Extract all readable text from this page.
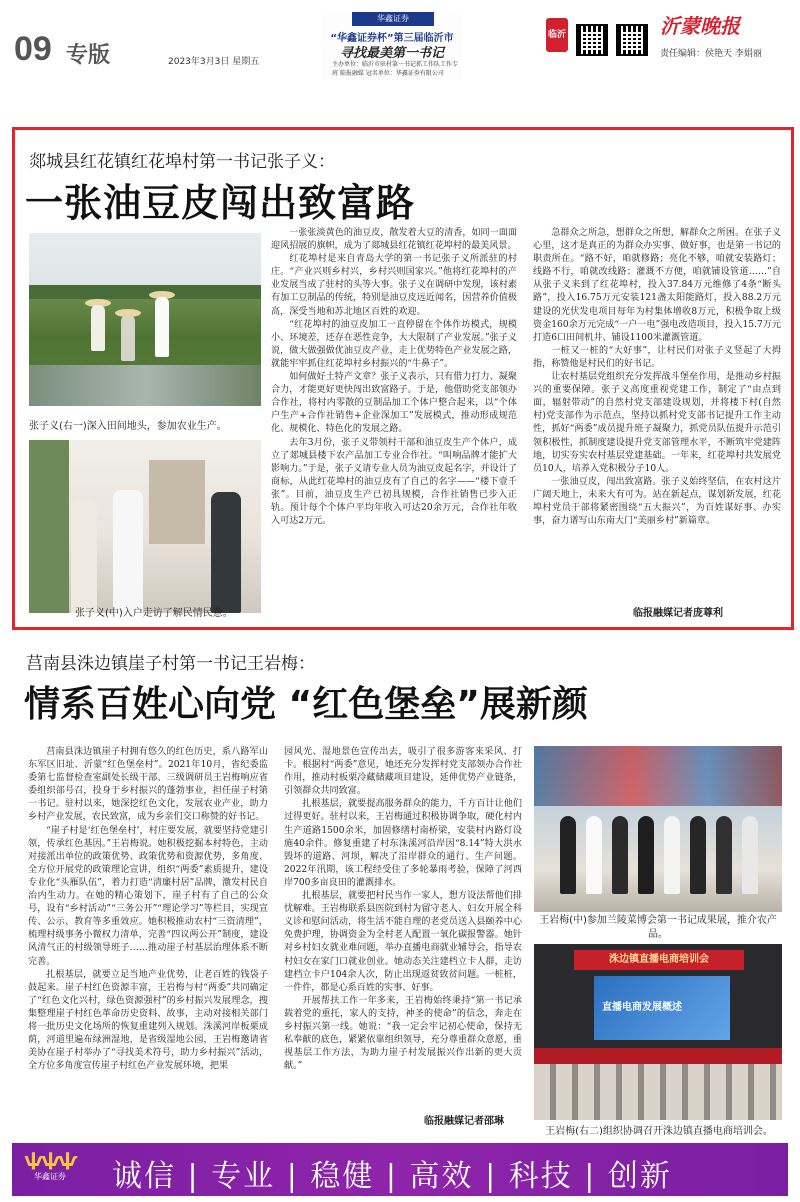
09 专版	2023年3月3日 星期五
华鑫证券
“华鑫证券杯”第三届临沂市
寻找最美第一书记
主办单位：临沂市驻村第一书记抓工作队工作专班 临报融媒 冠名单位：华鑫证券有限公司
临沂	沂蒙晚报
责任编辑：侯艳天 李娟丽
郯城县红花镇红花埠村第一书记张子义：
一张油豆皮闯出致富路
张子义(右一)深入田间地头，参加农业生产。
张子义(中)入户走访了解民情民意。

一张张淡黄色的油豆皮，散发着大豆的清香，如同一面面迎风招展的旗帜，成为了郯城县红花镇红花埠村的最美风景。

红花埠村是来自青岛大学的第一书记张子义所派驻的村庄。“产业兴则乡村兴，乡村兴则国家兴。”他将红花埠村的产业发展当成了驻村的头等大事。张子义在调研中发现，该村素有加工豆制品的传统，特别是油豆皮远近闻名，因营养价值极高，深受当地和苏北地区百姓的欢迎。

“红花埠村的油豆皮加工一直停留在个体作坊模式，规模小、环境差，还存在恶性竞争，大大限制了产业发展。”张子义说，做大做强做优油豆皮产业，走上优势特色产业发展之路，就能牢牢抓住红花埠村乡村振兴的“牛鼻子”。

如何做好土特产文章？张子义表示，只有借力打力、凝聚合力，才能更好更快闯出致富路子。于是，他借助党支部领办合作社，将村内零散的豆制品加工个体户整合起来，以“个体户生产+合作社销售+企业深加工”发展模式，推动形成规范化、规模化、特色化的发展之路。

去年3月份，张子义带领村干部和油豆皮生产个体户，成立了郯城县楼下农产品加工专业合作社。“叫响品牌才能扩大影响力。”于是，张子义请专业人员为油豆皮起名字，并设计了商标，从此红花埠村的油豆皮有了自己的名字——“楼下壹千张”。目前，油豆皮生产已初具规模，合作社销售已步入正轨。预计每个个体户平均年收入可达20余万元，合作社年收入可达2万元。

急群众之所急，想群众之所想，解群众之所困。在张子义心里，这才是真正的为群众办实事、做好事，也是第一书记的职责所在。“路不好，咱就修路；亮化不够，咱就安装路灯；线路不行，咱就改线路；灌溉不方便，咱就铺设管道……”自从张子义来到了红花埠村，投入37.84万元维修了4条“断头路”，投入16.75万元安装121盏太阳能路灯，投入88.2万元建设的光伏发电项目每年为村集体增收8万元，积极争取上级资金160余万元完成“一户一电”强电改造项目，投入15.7万元打造6口田间机井、铺设1100米灌溉管道。

一桩又一桩的“大好事”，让村民们对张子义竖起了大拇指，称赞他是村民们的好书记。

让农村基层党组织充分发挥战斗堡垒作用，是推动乡村振兴的重要保障。张子义高度重视党建工作，制定了“由点到面，辐射带动”的自然村党支部建设规划，并将楼下村(自然村)党支部作为示范点，坚持以抓村党支部书记提升工作主动性，抓好“两委”成员提升班子凝聚力，抓党员队伍提升示范引领积极性，抓制度建设提升党支部管理水平，不断筑牢党建阵地，切实夯实农村基层党建基础。一年来，红花埠村共发展党员10人，培养入党积极分子10人。

一张油豆皮，闯出致富路。张子义始终坚信，在农村这片广阔天地上，未来大有可为。站在新起点，谋划新发展，红花埠村党员干部将紧密围绕“五大振兴”，为百姓谋好事、办实事，奋力谱写山东南大门“美丽乡村”新篇章。

临报融媒记者庞尊利
莒南县洙边镇崖子村第一书记王岩梅：
情系百姓心向党 “红色堡垒”展新颜

莒南县洙边镇崖子村拥有悠久的红色历史，系八路军山东军区旧址、沂蒙“红色堡垒村”。2021年10月，省纪委监委第七监督检查室副处长级干部、三级调研员王岩梅响应省委组织部号召，投身于乡村振兴的蓬勃事业，担任崖子村第一书记。驻村以来，她深挖红色文化，发展农业产业，助力乡村产业发展，农民致富，成为乡亲们交口称赞的好书记。

“崖子村是‘红色堡垒村’，村庄要发展，就要坚持党建引领，传承红色基因。”王岩梅说。她积极挖掘本村特色，主动对接派出单位的政策优势、政策优势和资源优势，多角度、全方位开展党的政策理论宣讲，组织“两委”素质提升，建设专业化“头雁队伍”，着力打造“清廉村居”品牌，激发村民自治内生动力。在她的精心策划下，崖子村有了自己的公众号，设有“乡村活动”“三务公开”“理论学习”等栏目，实现宣传、公示、教育等多重效应。她积极推动农村“三资清理”，梳理村级事务小微权力清单，完善“四议两公开”制度，建设风清气正的村级领导班子……推动崖子村基层治理体系不断完善。

扎根基层，就要立足当地产业优势，让老百姓的钱袋子鼓起来。崖子村红色资源丰富，王岩梅与村“两委”共同确定了“红色文化兴村，绿色资源强村”的乡村振兴发展理念，搜集整理崖子村红色革命历史资料、故事，主动对接相关部门将一批历史文化场所的恢复重建列入规划。洙溪河岸板栗成荫，河道里遍布绿洲湿地，是省级湿地公园，王岩梅邀请省美协在崖子村举办了“寻找美术符号，助力乡村振兴”活动，全方位多角度宣传崖子村红色产业发展环境，把果

园风光、湿地景色宣传出去，吸引了很多游客来采风、打卡。根据村“两委”意见，她还充分发挥村党支部领办合作社作用，推动村板栗冷藏储藏项目建设，延伸优势产业链条，引领群众共同致富。

扎根基层，就要提高服务群众的能力，千方百计让他们过得更好。驻村以来，王岩梅通过积极协调争取，硬化村内生产道路1500余米，加固修缮村南桥梁，安装村内路灯设施40余件。修复重建了村东洙溪河沿岸因“8.14”特大洪水毁坏的道路、河坝，解决了沿岸群众的通行、生产问题。2022年汛期，该工程经受住了多轮暴雨考验，保障了河西岸700多亩良田的灌溉排水。

扎根基层，就要把村民当作一家人，想方设法帮他们排忧解难。王岩梅联系县医院到村为留守老人、妇女开展全科义诊和慰问活动，将生活不能自理的老党员送入县颐养中心免费护理，协调资金为全村老人配置一氧化碳报警器。她针对乡村妇女就业难问题，举办直播电商就业辅导会，指导农村妇女在家门口就业创业。她动态关注建档立卡人群，走访建档立卡户104余人次，防止出现返贫致贫问题。一桩桩，一件件，都是心系百姓的实事、好事。

开展帮扶工作一年多来，王岩梅始终秉持“第一书记承载着党的重托，家人的支持，神圣的使命”的信念，奔走在乡村振兴第一线。她说：“我一定会牢记初心使命，保持无私奉献的底色，紧紧依靠组织领导，充分尊重群众意愿，重视基层工作方法，为助力崖子村发展振兴作出新的更大贡献。”

临报融媒记者邵琳
王岩梅(中)参加兰陵菜博会第一书记成果展，推介农产品。
洙边镇直播电商培训会
直播电商发展概述
王岩梅(右二)组织协调召开洙边镇直播电商培训会。
ѱѱѱ
华鑫证券	诚信 | 专业 | 稳健 | 高效 | 科技 | 创新
